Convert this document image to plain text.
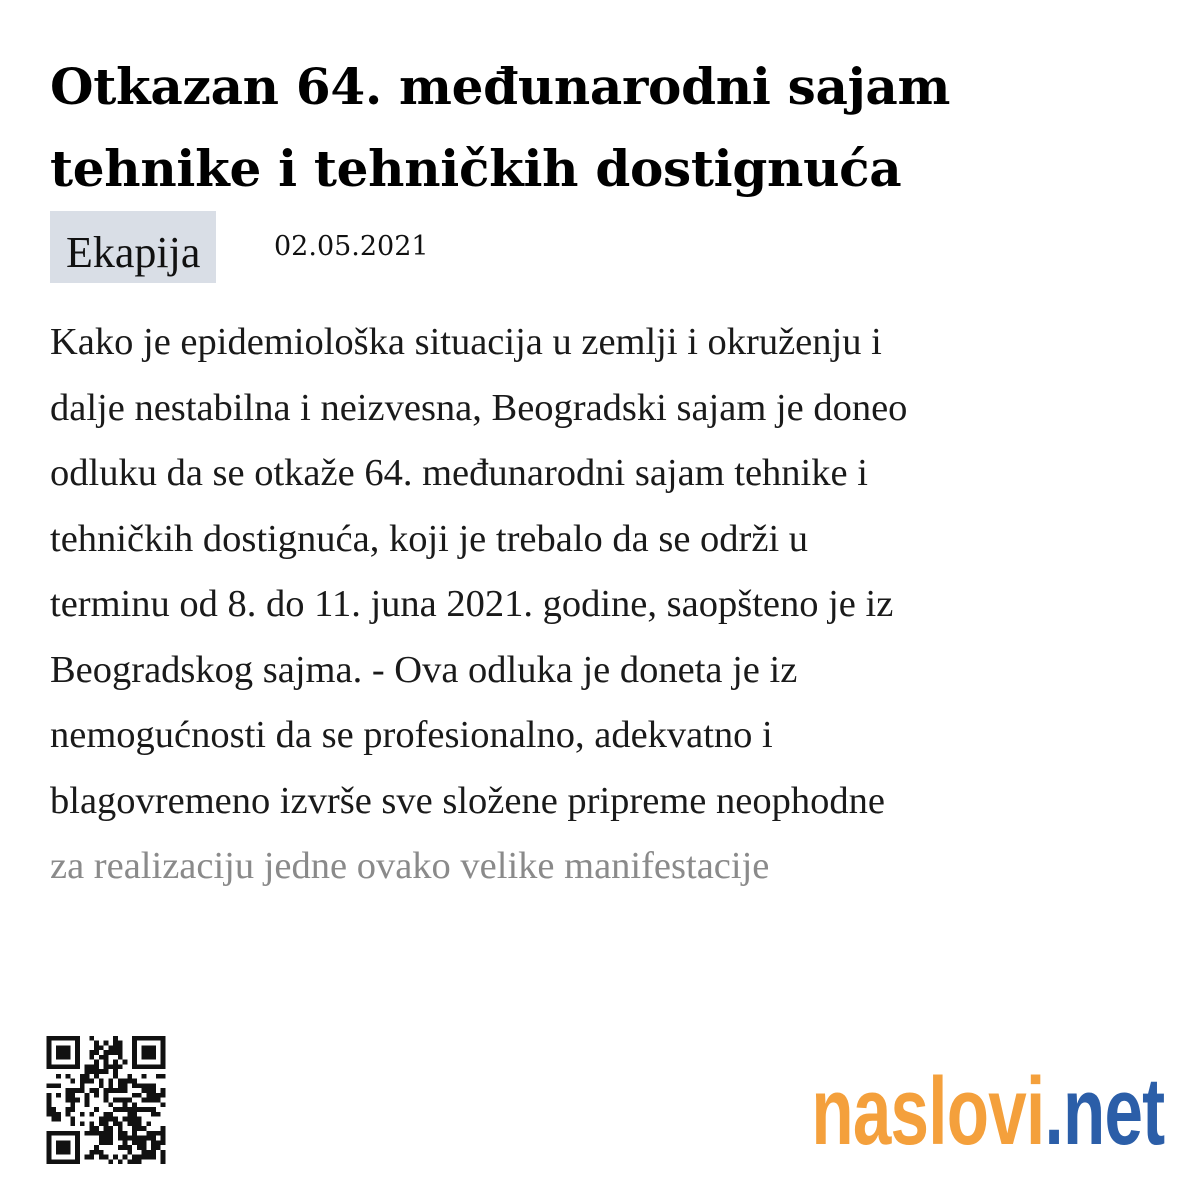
Otkazan 64. međunarodni sajam tehnike i tehničkih dostignuća
Ekapija	02.05.2021

Kako je epidemiološka situacija u zemlji i okruženju i
dalje nestabilna i neizvesna, Beogradski sajam je doneo
odluku da se otkaže 64. međunarodni sajam tehnike i
tehničkih dostignuća, koji je trebalo da se održi u
terminu od 8. do 11. juna 2021. godine, saopšteno je iz
Beogradskog sajma. - Ova odluka je doneta je iz
nemogućnosti da se profesionalno, adekvatno i
blagovremeno izvrše sve složene pripreme neophodne
za realizaciju jedne ovako velike manifestacije

naslovi.net
